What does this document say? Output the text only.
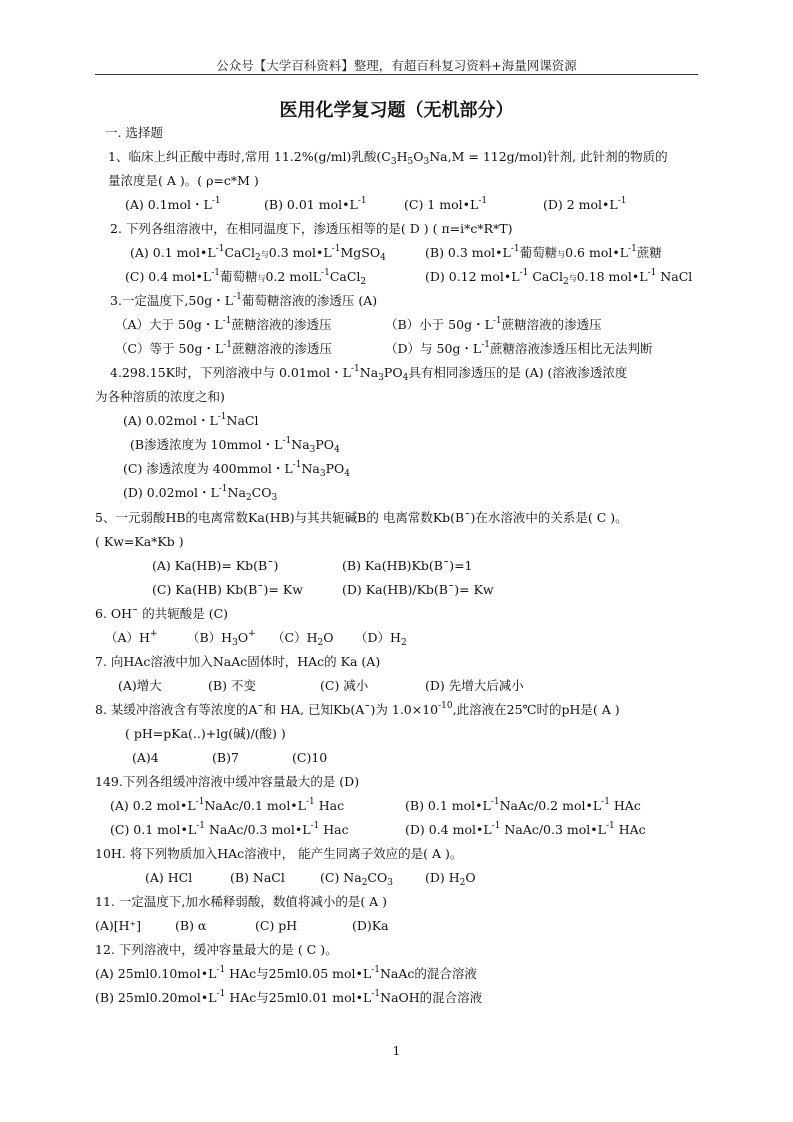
公众号【大学百科资料】整理，有超百科复习资料+海量网课资源
医用化学复习题（无机部分）
一. 选择题
1、临床上纠正酸中毒时,常用 11.2%(g/ml)乳酸$(C_3H_5O_3Na,M = 112g/mol)$针剂, 此针剂的物质的
量浓度是( A )。( ρ=c*M )
(A) 0.1mol・$L^{-1}$	(B) 0.01 $mol•L^{-1}$	(C) 1 $mol•L^{-1}$	(D) 2 $mol•L^{-1}$
2. 下列各组溶液中，在相同温度下，渗透压相等的是( D ) ( π=i*c*R*T)
(A) 0.1 $mol•L^{-1}CaCl_2$与0.3 $mol•L^{-1}MgSO_4$	(B) 0.3 $mol•L^{-1}$葡萄糖与0.6 $mol•L^{-1}$蔗糖
(C) 0.4 $mol•L^{-1}$葡萄糖与0.2 molL$^{-1}$CaCl$_2$	(D) 0.12 $mol•L^{-1}$ CaCl$_2$与0.18 $mol•L^{-1}$ NaCl
3.一定温度下,50g・$L^{-1}$葡萄糖溶液的渗透压 (A)
（A）大于 50g・$L^{-1}$蔗糖溶液的渗透压	（B）小于 50g・$L^{-1}$蔗糖溶液的渗透压
（C）等于 50g・$L^{-1}$蔗糖溶液的渗透压	（D）与 50g・$L^{-1}$蔗糖溶液渗透压相比无法判断
4.298.15K时，下列溶液中与 0.01mol・$L^{-1}Na_3PO_4$具有相同渗透压的是 (A) (溶液渗透浓度
为各种溶质的浓度之和)
(A) 0.02mol・$L^{-1}NaCl$
(B渗透浓度为 10mmol・$L^{-1}Na_3PO_4$
(C) 渗透浓度为 400mmol・$L^{-1}Na_3PO_4$
(D) 0.02mol・$L^{-1}Na_2CO_3$
5、一元弱酸HB的电离常数Ka(HB)与其共轭碱B的 电离常数Kb(B¯)在水溶液中的关系是( C )。
( Kw=Ka*Kb )
(A) Ka(HB)= Kb(B¯)	(B) Ka(HB)Kb(B¯)=1
(C) Ka(HB) Kb(B¯)= Kw	(D) Ka(HB)/Kb(B¯)= Kw
6. OH¯ 的共轭酸是 (C)
（A）H+ $(B)H_3O^+$ $(C)H_2O$ $(D)H_2$
7. 向HAc溶液中加入NaAc固体时，HAc的 Ka (A)
(A)增大	(B) 不变	(C) 减小	(D) 先增大后减小
8. 某缓冲溶液含有等浓度的A¯和 HA, 已知Kb(A¯)为 $1.0\times 10^{-10}$,此溶液在25℃时的pH是( A )
( pH=pKa(..)+lg(碱)/(酸) )
(A)4	(B)7	(C)10
149.下列各组缓冲溶液中缓冲容量最大的是 (D)
(A) 0.2 $mol•L^{-1}NaAc/0.1$ $mol•L^{-1}$ Hac	(B) 0.1 $mol•L^{-1}NaAc/0.2$ $mol•L^{-1}$ HAc
(C) 0.1 $mol•L^{-1}$ NaAc/0.3 $mol•L^{-1}$ Hac	(D) 0.4 $mol•L^{-1}$ NaAc/0.3 $mol•L^{-1}$ HAc
10H. 将下列物质加入HAc溶液中， 能产生同离子效应的是( A )。
(A) HCl	(B) NaCl	(C) $Na_2CO_3$	(D) $H_2O$
11. 一定温度下,加水稀释弱酸，数值将减小的是( A )
(A)[H⁺]	(B) α	(C) pH	(D)Ka
12. 下列溶液中，缓冲容量最大的是 ( C )。
(A) $25ml0.10mol•L^{-1}$ HAc与25ml0.05 $mol•L^{-1}NaAc$的混合溶液
(B) $25ml0.20mol•L^{-1}$ HAc与25ml0.01 $mol•L^{-1}NaOH$的混合溶液
1
